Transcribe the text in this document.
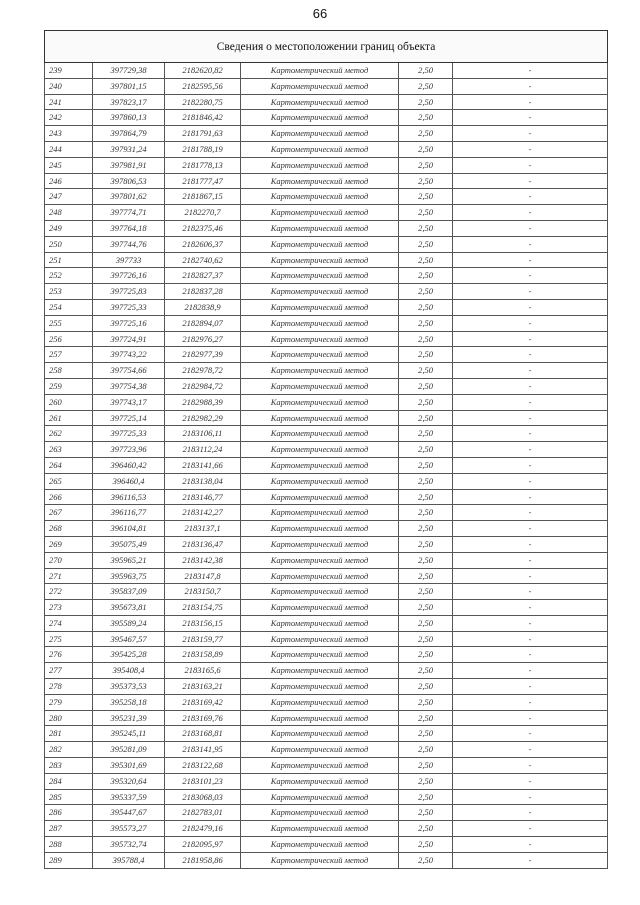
66
Сведения о местоположении границ объекта					
239	397729,38	2182620,82	Картометрический метод	2,50	-
240	397801,15	2182595,56	Картометрический метод	2,50	-
241	397823,17	2182280,75	Картометрический метод	2,50	-
242	397860,13	2181846,42	Картометрический метод	2,50	-
243	397864,79	2181791,63	Картометрический метод	2,50	-
244	397931,24	2181788,19	Картометрический метод	2,50	-
245	397981,91	2181778,13	Картометрический метод	2,50	-
246	397806,53	2181777,47	Картометрический метод	2,50	-
247	397801,62	2181867,15	Картометрический метод	2,50	-
248	397774,71	2182270,7	Картометрический метод	2,50	-
249	397764,18	2182375,46	Картометрический метод	2,50	-
250	397744,76	2182606,37	Картометрический метод	2,50	-
251	397733	2182740,62	Картометрический метод	2,50	-
252	397726,16	2182827,37	Картометрический метод	2,50	-
253	397725,83	2182837,28	Картометрический метод	2,50	-
254	397725,33	2182838,9	Картометрический метод	2,50	-
255	397725,16	2182894,07	Картометрический метод	2,50	-
256	397724,91	2182976,27	Картометрический метод	2,50	-
257	397743,22	2182977,39	Картометрический метод	2,50	-
258	397754,66	2182978,72	Картометрический метод	2,50	-
259	397754,38	2182984,72	Картометрический метод	2,50	-
260	397743,17	2182988,39	Картометрический метод	2,50	-
261	397725,14	2182982,29	Картометрический метод	2,50	-
262	397725,33	2183106,11	Картометрический метод	2,50	-
263	397723,96	2183112,24	Картометрический метод	2,50	-
264	396460,42	2183141,66	Картометрический метод	2,50	-
265	396460,4	2183138,04	Картометрический метод	2,50	-
266	396116,53	2183146,77	Картометрический метод	2,50	-
267	396116,77	2183142,27	Картометрический метод	2,50	-
268	396104,81	2183137,1	Картометрический метод	2,50	-
269	395075,49	2183136,47	Картометрический метод	2,50	-
270	395965,21	2183142,38	Картометрический метод	2,50	-
271	395963,75	2183147,8	Картометрический метод	2,50	-
272	395837,09	2183150,7	Картометрический метод	2,50	-
273	395673,81	2183154,75	Картометрический метод	2,50	-
274	395589,24	2183156,15	Картометрический метод	2,50	-
275	395467,57	2183159,77	Картометрический метод	2,50	-
276	395425,28	2183158,89	Картометрический метод	2,50	-
277	395408,4	2183165,6	Картометрический метод	2,50	-
278	395373,53	2183163,21	Картометрический метод	2,50	-
279	395258,18	2183169,42	Картометрический метод	2,50	-
280	395231,39	2183169,76	Картометрический метод	2,50	-
281	395245,11	2183168,81	Картометрический метод	2,50	-
282	395281,09	2183141,95	Картометрический метод	2,50	-
283	395301,69	2183122,68	Картометрический метод	2,50	-
284	395320,64	2183101,23	Картометрический метод	2,50	-
285	395337,59	2183068,03	Картометрический метод	2,50	-
286	395447,67	2182783,01	Картометрический метод	2,50	-
287	395573,27	2182479,16	Картометрический метод	2,50	-
288	395732,74	2182095,97	Картометрический метод	2,50	-
289	395788,4	2181958,86	Картометрический метод	2,50	-
